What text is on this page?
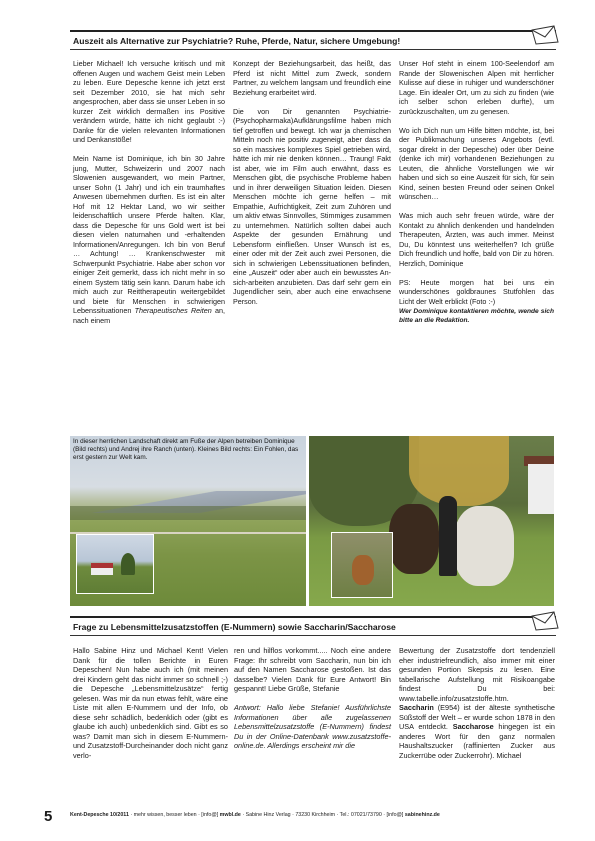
Auszeit als Alternative zur Psychiatrie? Ruhe, Pferde, Natur, sichere Umgebung!

Lieber Michael! Ich versuche kritisch und mit offenen Augen und wachem Geist mein Leben zu leben. Eure Depesche kenne ich jetzt erst seit Dezember 2010, sie hat mich sehr angesprochen, aber dass sie unser Leben in so kurzer Zeit wirklich dermaßen ins Positive verändern würde, hätte ich nicht geglaubt :-) Danke für die vielen relevanten Informationen und Denkanstöße!

Mein Name ist Dominique, ich bin 30 Jahre jung, Mutter, Schweizerin und 2007 nach Slowenien ausgewandert, wo mein Partner, unser Sohn (1 Jahr) und ich ein traumhaftes Anwesen übernehmen durften. Es ist ein alter Hof mit 12 Hektar Land, wo wir seither leidenschaftlich unsere Pferde halten. Klar, dass die Depesche für uns Gold wert ist bei diesen vielen naturnahen und -erhaltenden Informationen/Anregungen. Ich bin von Beruf … Achtung! … Krankenschwester mit Schwerpunkt Psychiatrie. Habe aber schon vor einiger Zeit gemerkt, dass ich nicht mehr in so einem System tätig sein kann. Darum habe ich mich auch zur Reittherapeutin weitergebildet und biete für Menschen in schwierigen Lebenssituationen Therapeutisches Reiten an, nach einem

Konzept der Beziehungsarbeit, das heißt, das Pferd ist nicht Mittel zum Zweck, sondern Partner, zu welchem langsam und freundlich eine Beziehung erarbeitet wird.

Die von Dir genannten Psychiatrie-(Psychopharmaka)Aufklärungsfilme haben mich tief getroffen und bewegt. Ich war ja chemischen Mitteln noch nie positiv zugeneigt, aber dass da so ein massives komplexes Spiel getrieben wird, hätte ich mir nie denken können… Traung! Fakt ist aber, wie im Film auch erwähnt, dass es Menschen gibt, die psychische Probleme haben und in ihrer derweiligen Situation leiden. Diesen Menschen möchte ich gerne helfen – mit Empathie, Aufrichtigkeit, Zeit zum Zuhören und um aktiv etwas Sinnvolles, Stimmiges zusammen zu unternehmen. Natürlich sollten dabei auch Aspekte der gesunden Ernährung und Lebensform einfließen. Unser Wunsch ist es, einer oder mit der Zeit auch zwei Personen, die sich in schwierigen Lebenssituationen befinden, eine „Auszeit“ oder aber auch ein bewusstes An-sich-arbeiten anzubieten. Das darf sehr gern ein Jugendlicher sein, aber auch eine erwachsene Person.

Unser Hof steht in einem 100-Seelendorf am Rande der Slowenischen Alpen mit herrlicher Kulisse auf diese in ruhiger und wunderschöner Lage. Ein idealer Ort, um zu sich zu finden (wie ich selber schon erleben durfte), um zurückzuschalten, um zu genesen.

Wo ich Dich nun um Hilfe bitten möchte, ist, bei der Publikmachung unseres Angebots (evtl. sogar direkt in der Depesche) oder über Deine (denke ich mir) vorhandenen Beziehungen zu Leuten, die ähnliche Vorstellungen wie wir haben und sich so eine Auszeit für sich, für sein Kind, seinen besten Freund oder seinen Onkel wünschen…

Was mich auch sehr freuen würde, wäre der Kontakt zu ähnlich denkenden und handelnden Therapeuten, Ärzten, was auch immer. Meinst Du, Du könntest uns weiterhelfen? Ich grüße Dich freundlich und hoffe, bald von Dir zu hören. Herzlich, Dominique

PS: Heute morgen hat bei uns ein wunderschönes goldbraunes Stutfohlen das Licht der Welt erblickt (Foto :-)

Wer Dominique kontaktieren möchte, wende sich bitte an die Redaktion.
In dieser herrlichen Landschaft direkt am Fuße der Alpen betreiben Dominique (Bild rechts) und Andrej ihre Ranch (unten). Kleines Bild rechts: Ein Fohlen, das erst gestern zur Welt kam.
Frage zu Lebensmittelzusatzstoffen (E-Nummern) sowie Saccharin/Saccharose

Hallo Sabine Hinz und Michael Kent! Vielen Dank für die tollen Berichte in Euren Depeschen! Nun habe auch ich (mit meinen drei Kindern geht das nicht immer so schnell ;-) die Depesche „Lebensmittelzusätze“ fertig gelesen. Was mir da nun etwas fehlt, wäre eine Liste mit allen E-Nummern und der Info, ob diese sehr schädlich, bedenklich oder (gibt es glaube ich auch) unbedenklich sind. Gibt es so was? Damit man sich in diesem E-Nummern- und Zusatzstoff-Durcheinander doch nicht ganz verlo-

ren und hilflos vorkommt..... Noch eine andere Frage: Ihr schreibt vom Saccharin, nun bin ich auf den Namen Saccharose gestoßen. Ist das dasselbe? Vielen Dank für Eure Antwort! Bin gespannt! Liebe Grüße, Stefanie

Antwort: Hallo liebe Stefanie! Ausführlichste Informationen über alle zugelassenen Lebensmittelzusatzstoffe (E-Nummern) findest Du in der Online-Datenbank www.zusatzstoffe-online.de. Allerdings erscheint mir die

Bewertung der Zusatzstoffe dort tendenziell eher industriefreundlich, also immer mit einer gesunden Portion Skepsis zu lesen. Eine tabellarische Aufstellung mit Risikoangabe findest Du bei: www.tabelle.info/zusatzstoffe.htm.

Saccharin (E954) ist der älteste synthetische Süßstoff der Welt – er wurde schon 1878 in den USA entdeckt. Saccharose hingegen ist ein anderes Wort für den ganz normalen Haushaltszucker (raffinierten Zucker aus Zuckerrübe oder Zuckerrohr). Michael

5	Kent-Depesche 10/2011 · mehr wissen, besser leben · [info@] mwbl.de · Sabine Hinz Verlag · 73230 Kirchheim · Tel.: 07021/73790 · [info@] sabinehinz.de
